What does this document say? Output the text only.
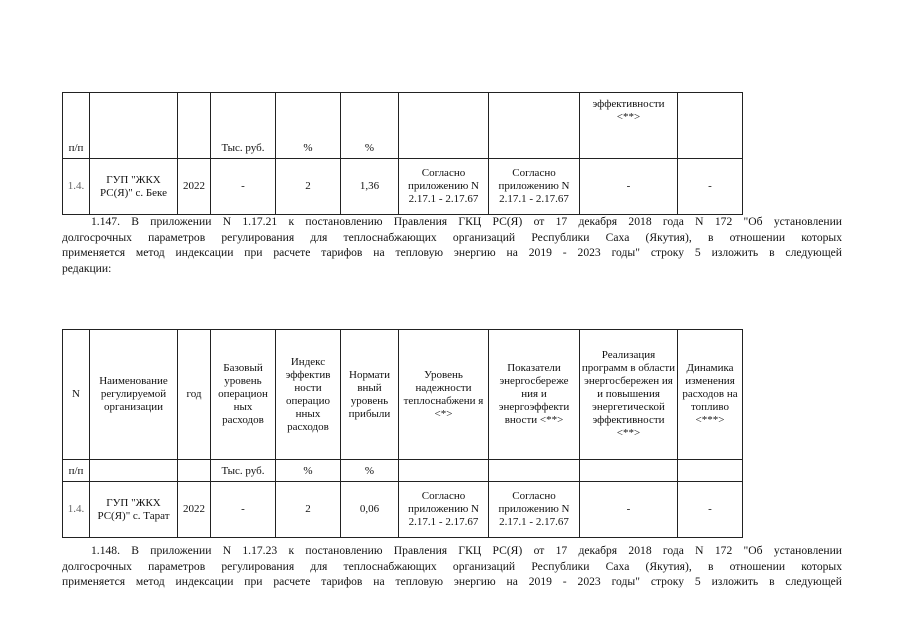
п/п			Тыс. руб.	%	%			эффективности <**>	
1.4.	ГУП "ЖКХ РС(Я)" с. Беке	2022	-	2	1,36	Согласно приложению N 2.17.1 - 2.17.67	Согласно приложению N 2.17.1 - 2.17.67	-	-
1.147. В приложении N 1.17.21 к постановлению Правления ГКЦ РС(Я) от 17 декабря 2018 года N 172 "Об установлении
долгосрочных параметров регулирования для теплоснабжающих организаций Республики Саха (Якутия), в отношении которых
применяется метод индексации при расчете тарифов на тепловую энергию на 2019 - 2023 годы" строку 5 изложить в следующей
редакции:
N	Наименование регулируемой организации	год	Базовый уровень операцион ных расходов	Индекс эффектив ности операцио нных расходов	Нормати вный уровень прибыли	Уровень надежности теплоснабжени я <*>	Показатели энергосбереже ния и энергоэффекти вности <**>	Реализация программ в области энергосбережен ия и повышения энергетической эффективности <**>	Динамика изменения расходов на топливо <***>
п/п			Тыс. руб.	%	%				
1.4.	ГУП "ЖКХ РС(Я)" с. Тарат	2022	-	2	0,06	Согласно приложению N 2.17.1 - 2.17.67	Согласно приложению N 2.17.1 - 2.17.67	-	-
1.148. В приложении N 1.17.23 к постановлению Правления ГКЦ РС(Я) от 17 декабря 2018 года N 172 "Об установлении
долгосрочных параметров регулирования для теплоснабжающих организаций Республики Саха (Якутия), в отношении которых
применяется метод индексации при расчете тарифов на тепловую энергию на 2019 - 2023 годы" строку 5 изложить в следующей
